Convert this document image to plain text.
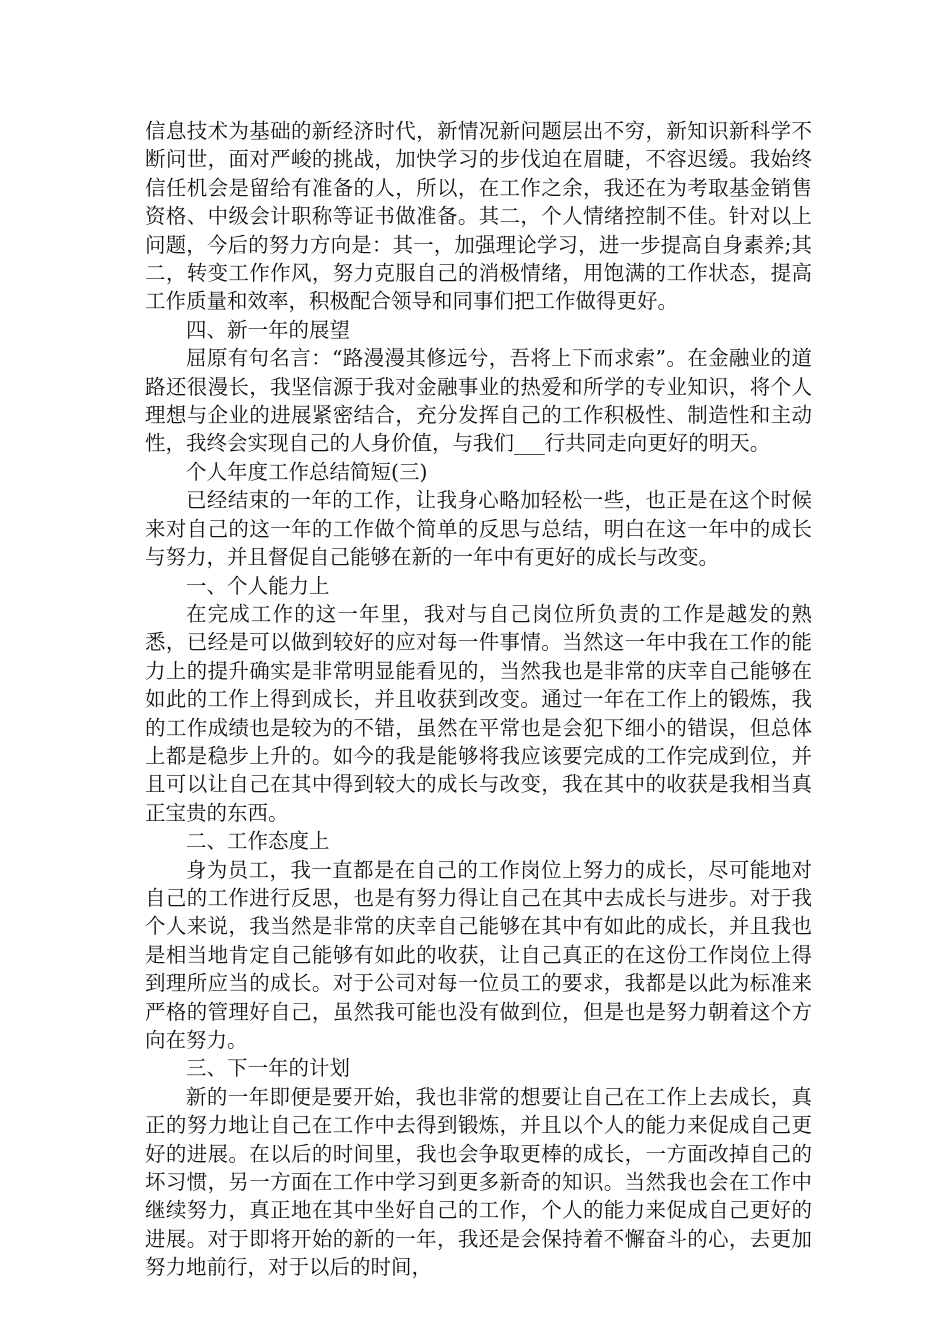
信息技术为基础的新经济时代，新情况新问题层出不穷，新知识新科学不断问世，面对严峻的挑战，加快学习的步伐迫在眉睫，不容迟缓。我始终信任机会是留给有准备的人，所以，在工作之余，我还在为考取基金销售资格、中级会计职称等证书做准备。其二，个人情绪控制不佳。针对以上问题，今后的努力方向是：其一，加强理论学习，进一步提高自身素养;其二，转变工作作风，努力克服自己的消极情绪，用饱满的工作状态，提高工作质量和效率，积极配合领导和同事们把工作做得更好。

四、新一年的展望

屈原有句名言：“路漫漫其修远兮，吾将上下而求索”。在金融业的道路还很漫长，我坚信源于我对金融事业的热爱和所学的专业知识，将个人理想与企业的进展紧密结合，充分发挥自己的工作积极性、制造性和主动性，我终会实现自己的人身价值，与我们___行共同走向更好的明天。

个人年度工作总结简短(三)

已经结束的一年的工作，让我身心略加轻松一些，也正是在这个时候来对自己的这一年的工作做个简单的反思与总结，明白在这一年中的成长与努力，并且督促自己能够在新的一年中有更好的成长与改变。

一、个人能力上

在完成工作的这一年里，我对与自己岗位所负责的工作是越发的熟悉，已经是可以做到较好的应对每一件事情。当然这一年中我在工作的能力上的提升确实是非常明显能看见的，当然我也是非常的庆幸自己能够在如此的工作上得到成长，并且收获到改变。通过一年在工作上的锻炼，我的工作成绩也是较为的不错，虽然在平常也是会犯下细小的错误，但总体上都是稳步上升的。如今的我是能够将我应该要完成的工作完成到位，并且可以让自己在其中得到较大的成长与改变，我在其中的收获是我相当真正宝贵的东西。

二、工作态度上

身为员工，我一直都是在自己的工作岗位上努力的成长，尽可能地对自己的工作进行反思，也是有努力得让自己在其中去成长与进步。对于我个人来说，我当然是非常的庆幸自己能够在其中有如此的成长，并且我也是相当地肯定自己能够有如此的收获，让自己真正的在这份工作岗位上得到理所应当的成长。对于公司对每一位员工的要求，我都是以此为标准来严格的管理好自己，虽然我可能也没有做到位，但是也是努力朝着这个方向在努力。

三、下一年的计划

新的一年即便是要开始，我也非常的想要让自己在工作上去成长，真正的努力地让自己在工作中去得到锻炼，并且以个人的能力来促成自己更好的进展。在以后的时间里，我也会争取更棒的成长，一方面改掉自己的坏习惯，另一方面在工作中学习到更多新奇的知识。当然我也会在工作中继续努力，真正地在其中坐好自己的工作，个人的能力来促成自己更好的进展。对于即将开始的新的一年，我还是会保持着不懈奋斗的心，去更加努力地前行，对于以后的时间，
